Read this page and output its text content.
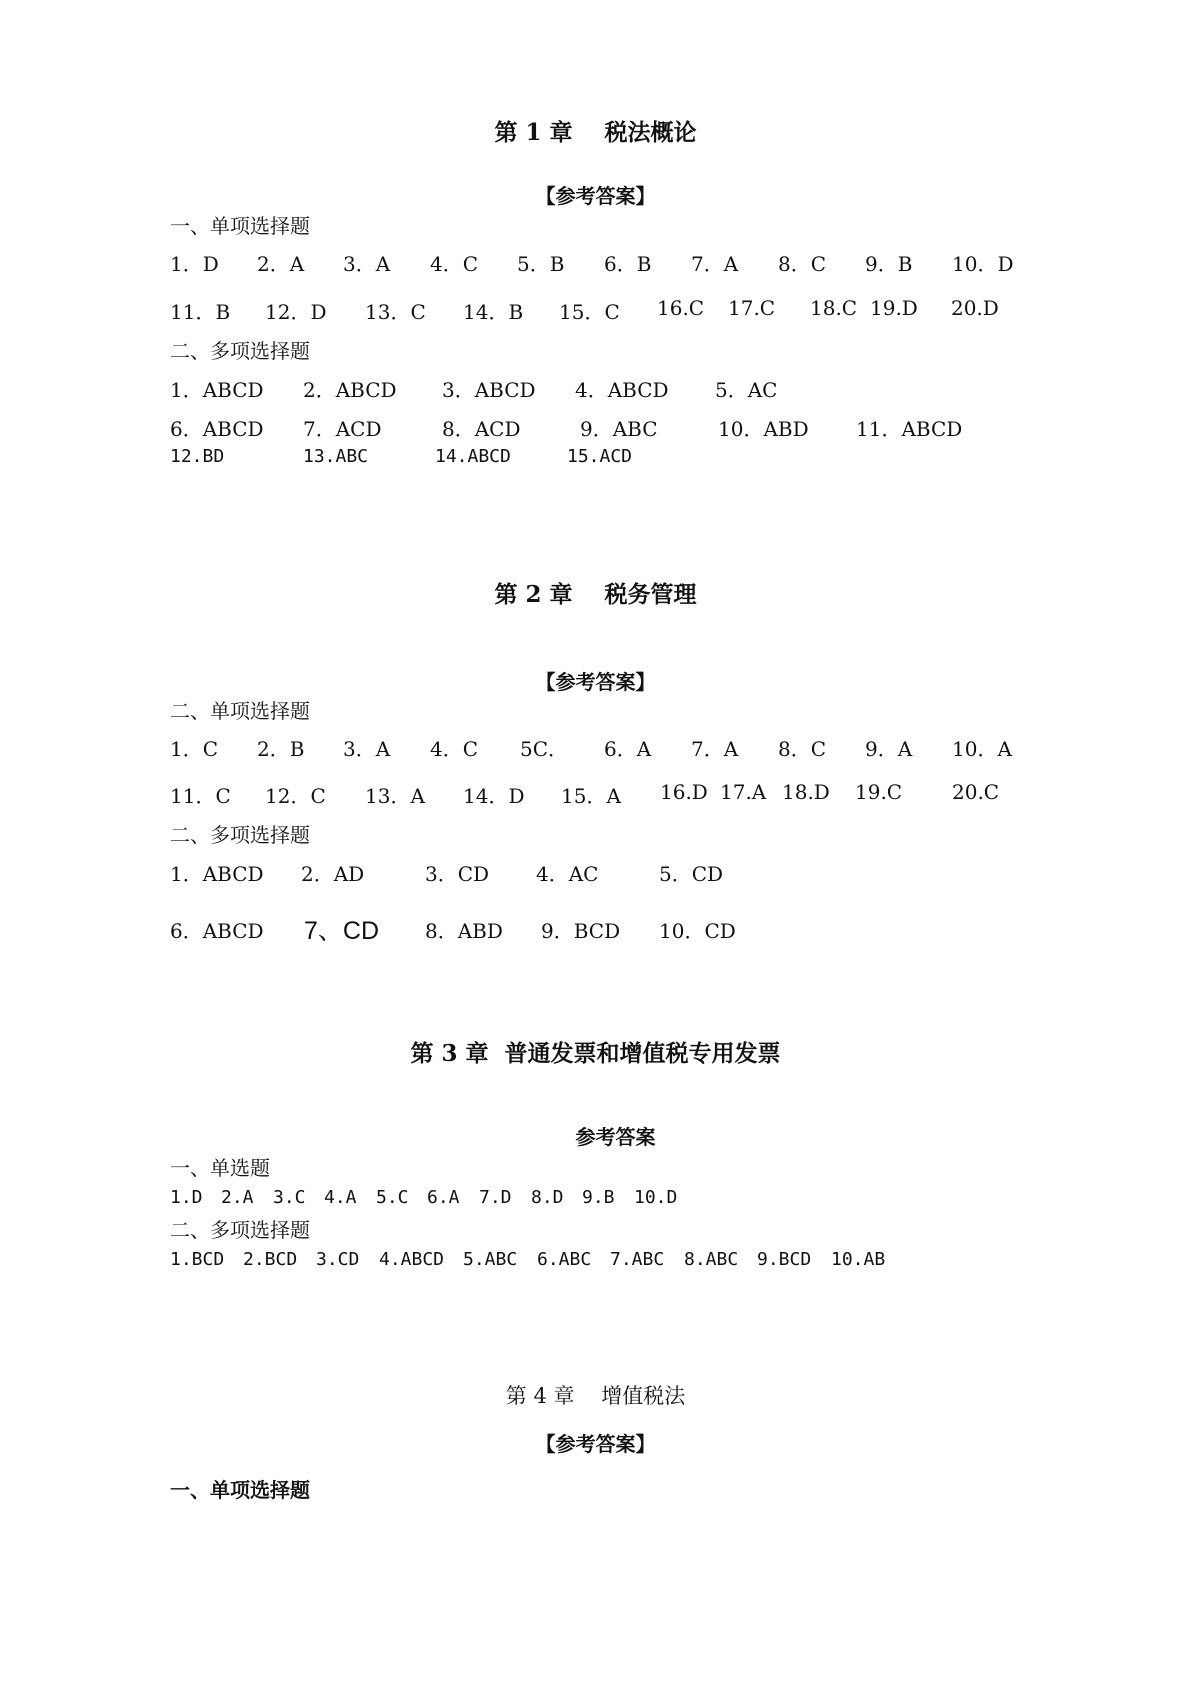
第 1 章    税法概论
【参考答案】
一、单项选择题
1．D 2．A 3．A 4．C 5．B 6．B 7．A 8．C 9．B 10．D
11．B 12．D 13．C 14．B 15．C 16.C 17.C 18.C 19.D 20.D
二、多项选择题
1．ABCD 2．ABCD 3．ABCD 4．ABCD 5．AC
6．ABCD 7．ACD	8．ACD	9．ABC	10．ABD 11．ABCD
12.BD	13.ABC	14.ABCD	15.ACD
第 2 章    税务管理
【参考答案】
二、单项选择题
1．C 2．B 3．A 4．C 5C． 6．A 7．A 8．C 9．A 10．A
11．C 12．C 13．A 14．D 15．A 16.D 17.A 18.D 19.C 20.C
二、多项选择题
1．ABCD 2．AD	3．CD 4．AC	5．CD
6．ABCD 7、CD 8．ABD 9．BCD 10．CD
第 3 章  普通发票和增值税专用发票
参考答案
一、单选题
1.D 2.A 3.C 4.A 5.C 6.A 7.D 8.D 9.B 10.D
二、多项选择题
1.BCD 2.BCD 3.CD 4.ABCD 5.ABC 6.ABC 7.ABC 8.ABC 9.BCD 10.AB
第 4 章    增值税法
【参考答案】
一、单项选择题
